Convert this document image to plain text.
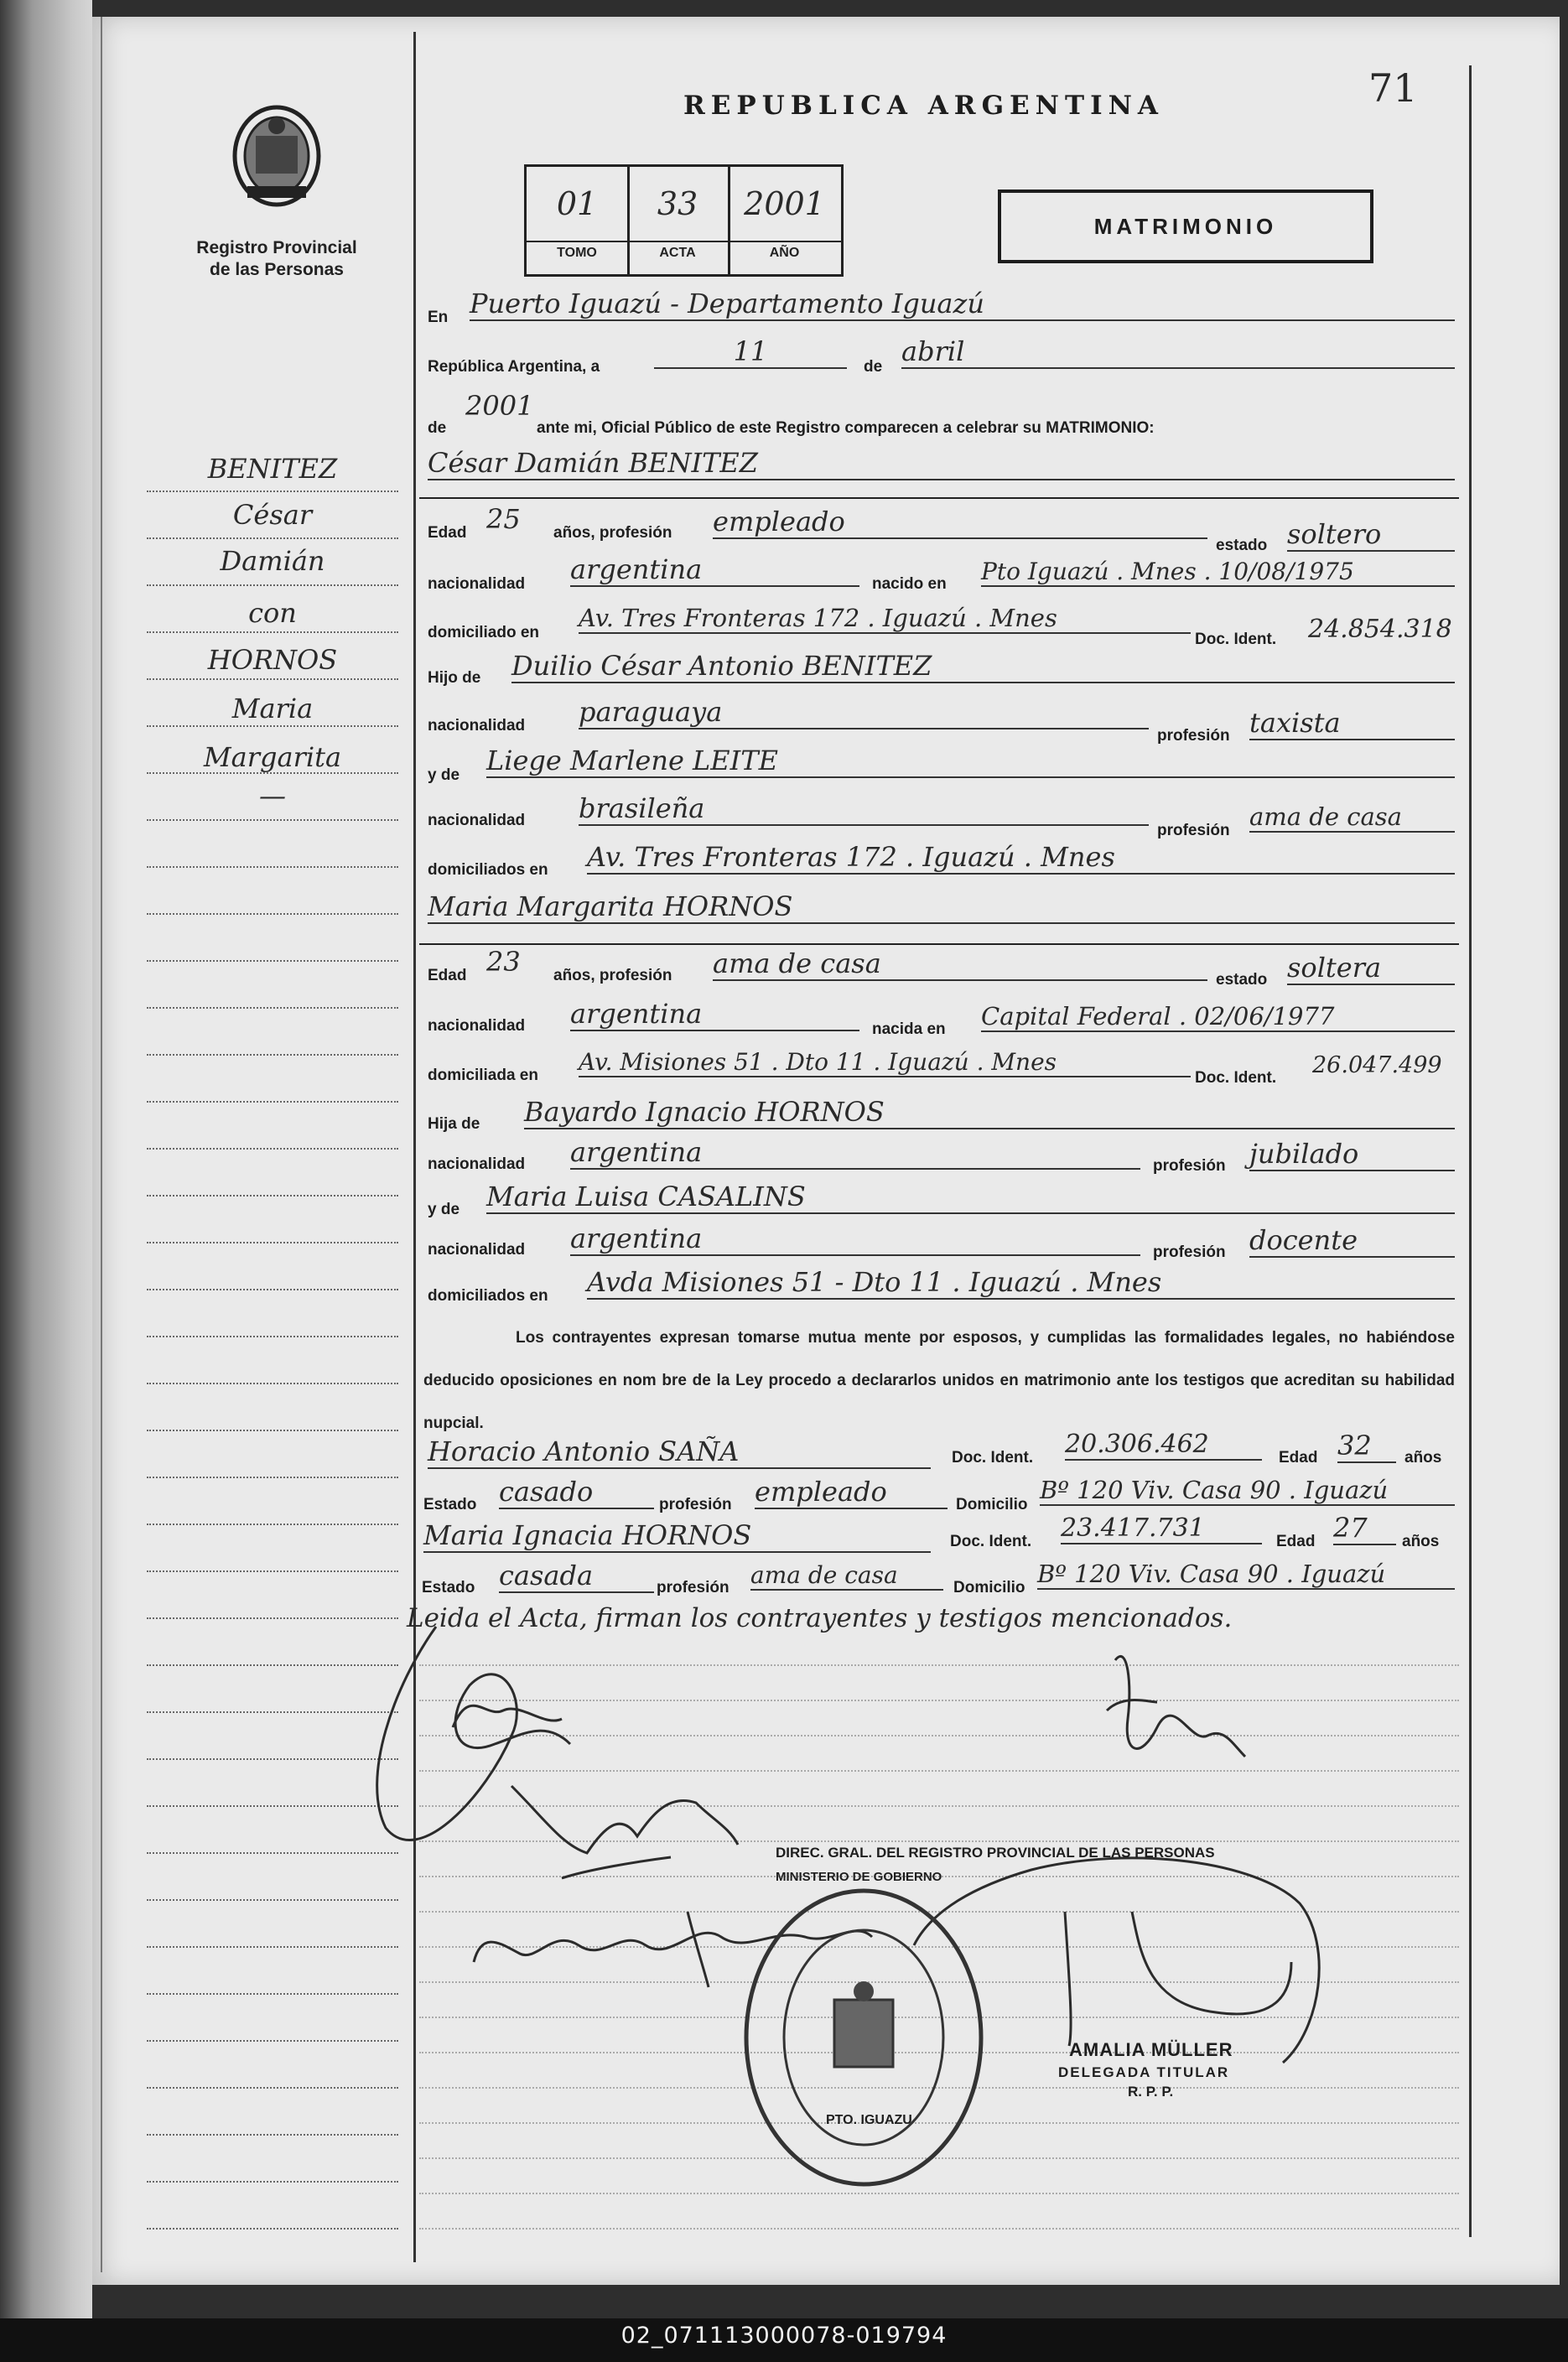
02_071113000078-019794
REPUBLICA ARGENTINA	71
Registro Provincial
de las Personas
01
TOMO
33
ACTA
2001
AÑO
MATRIMONIO
BENITEZ
César
Damián
con
HORNOS
Maria
Margarita
—
En Puerto Iguazú - Departamento Iguazú
República Argentina, a	11	de abril
de
2001
ante mi, Oficial Público de este Registro comparecen a celebrar su MATRIMONIO:
César Damián BENITEZ
Edad 25 años, profesión empleado
estado soltero
nacionalidad argentina	nacido en Pto Iguazú . Mnes . 10/08/1975
domiciliado en
Av. Tres Fronteras 172 . Iguazú . Mnes
Doc. Ident. 24.854.318
Hijo de Duilio César Antonio BENITEZ
nacionalidad paraguaya
profesión taxista
y de Liege Marlene LEITE
nacionalidad brasileña
profesión ama de casa
domiciliados en Av. Tres Fronteras 172 . Iguazú . Mnes
Maria Margarita HORNOS
Edad 23 años, profesión ama de casa
estado soltera
nacionalidad argentina	nacida en Capital Federal . 02/06/1977
domiciliada en Av. Misiones 51 . Dto 11 . Iguazú . Mnes
Doc. Ident. 26.047.499
Hija de Bayardo Ignacio HORNOS
nacionalidad argentina	profesión jubilado
y de Maria Luisa CASALINS
nacionalidad argentina	profesión docente
domiciliados en Avda Misiones 51 - Dto 11 . Iguazú . Mnes

Los contrayentes expresan tomarse mutua mente por esposos, y cumplidas las formalidades legales, no habiéndose deducido oposiciones en nom bre de la Ley procedo a declararlos unidos en matrimonio ante los testigos que acreditan su habilidad nupcial.

Horacio Antonio SAÑA	Doc. Ident. 20.306.462	Edad 32	años
Estado casado	profesión empleado	Domicilio
Bº 120 Viv. Casa 90 . Iguazú
Maria Ignacia HORNOS	Doc. Ident. 23.417.731	Edad 27	años
Estado casada	profesión ama de casa	Domicilio Bº 120 Viv. Casa 90 . Iguazú
Leida el Acta, firman los contrayentes y testigos mencionados.
DIREC. GRAL. DEL REGISTRO PROVINCIAL DE LAS PERSONAS
MINISTERIO DE GOBIERNO
PTO. IGUAZU
AMALIA MÜLLER
DELEGADA TITULAR
R. P. P.
